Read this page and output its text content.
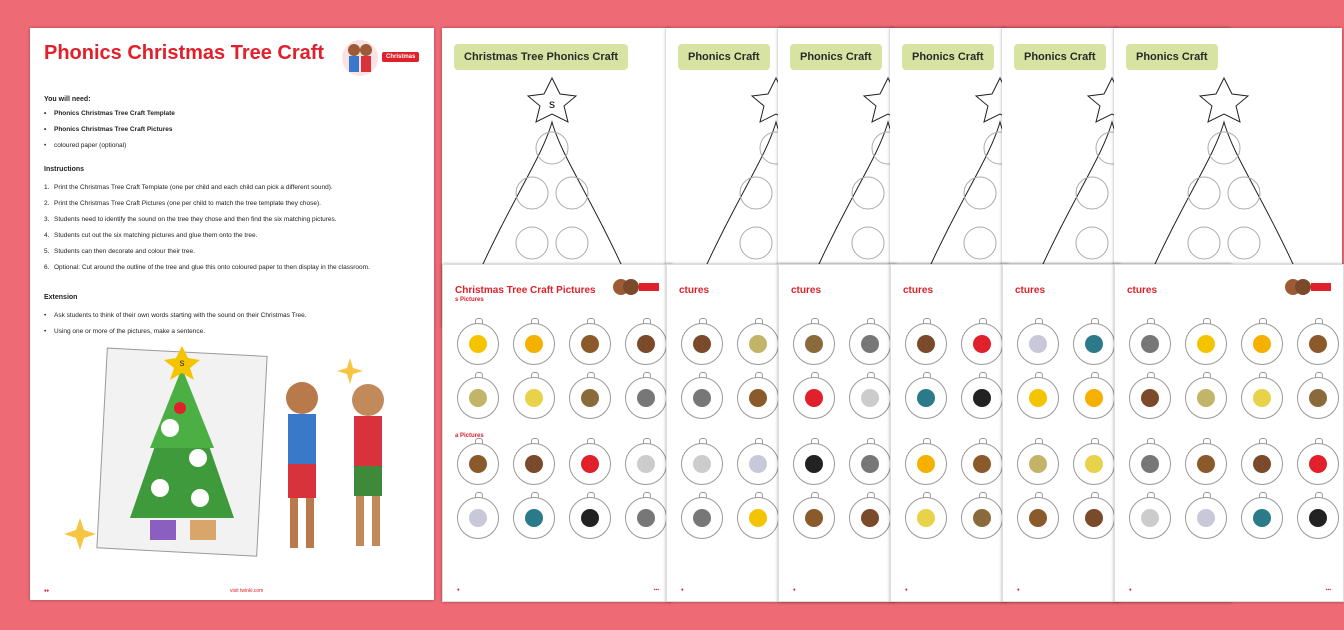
Phonics Christmas Tree Craft	Christmas
You will need:
• Phonics Christmas Tree Craft Template
• Phonics Christmas Tree Craft Pictures
• coloured paper (optional)
Instructions
1. Print the Christmas Tree Craft Template (one per child and each child can pick a different sound).
2. Print the Christmas Tree Craft Pictures (one per child to match the tree template they chose).
3. Students need to identify the sound on the tree they chose and then find the six matching pictures.
4. Students cut out the six matching pictures and glue them onto the tree.
5. Students can then decorate and colour their tree.
6. Optional: Cut around the outline of the tree and glue this onto coloured paper to then display in the classroom.
Extension
• Ask students to think of their own words starting with the sound on their Christmas Tree.
• Using one or more of the pictures, make a sentence.
s
♦♦	visit twinkl.com
Christmas Tree Phonics Craft
s
Phonics Craft	Phonics Craft	Phonics Craft	Phonics Craft	Phonics Craft
Christmas Tree Craft Pictures
s Pictures
a Pictures
♦	▪▪▪
ctures
♦
ctures
♦
ctures
♦
ctures
♦
ctures
♦	▪▪▪
